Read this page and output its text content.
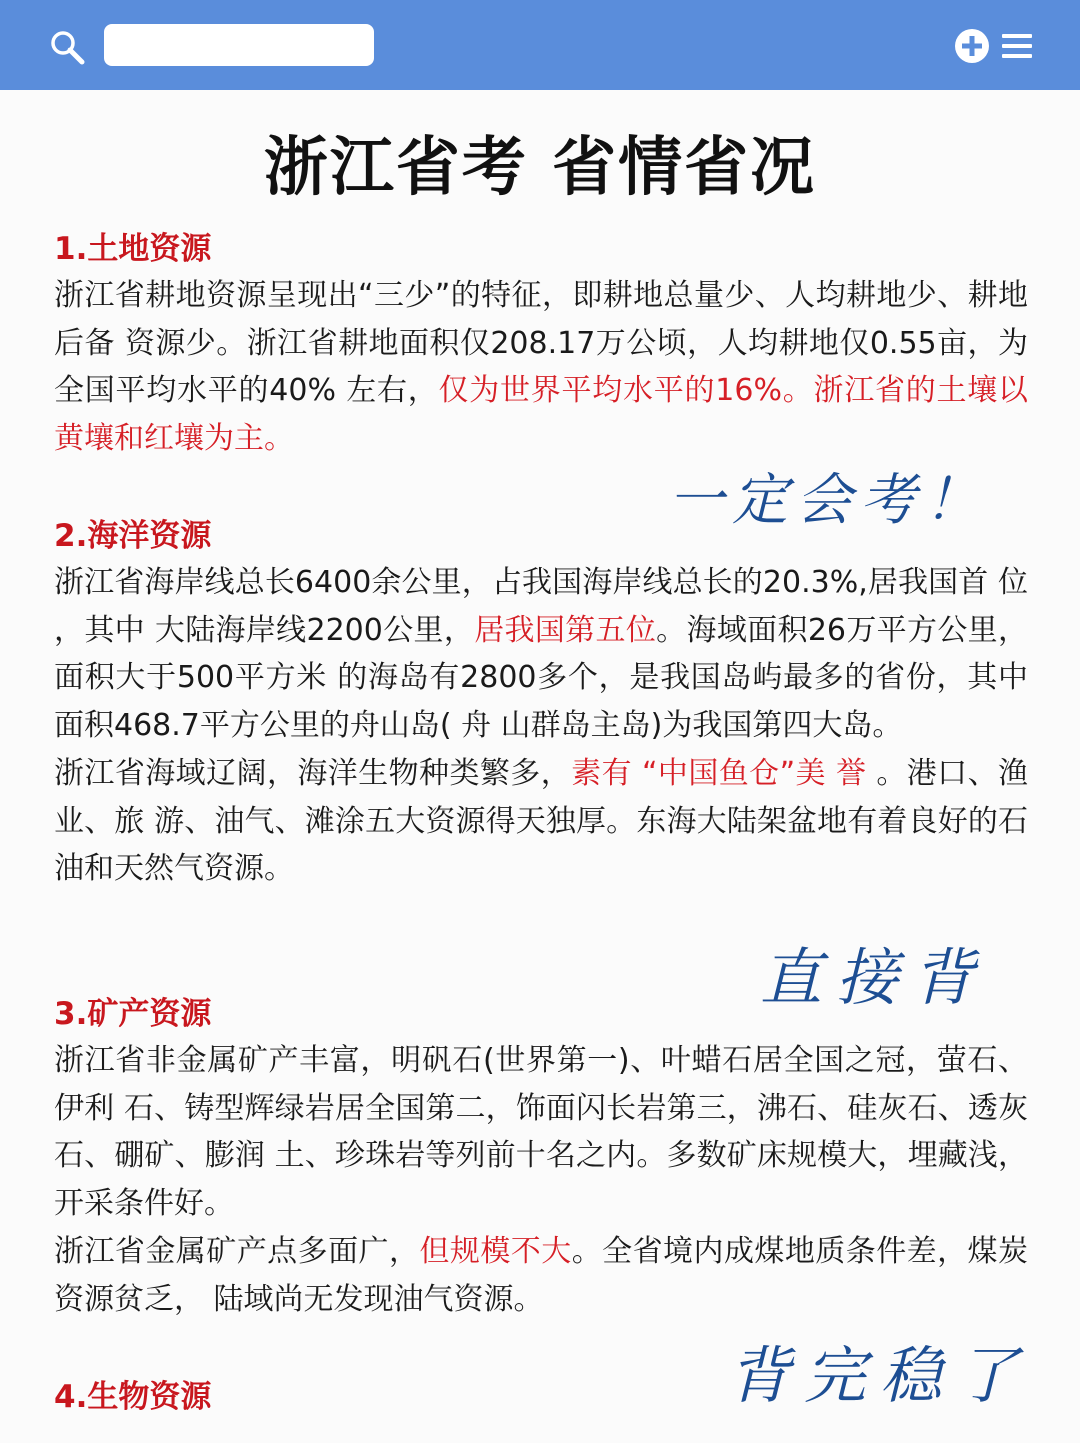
浙江省考 省情省况
1.土地资源

浙江省耕地资源呈现出“三少”的特征，即耕地总量少、人均耕地少、耕地后备 资源少。浙江省耕地面积仅208.17万公顷，人均耕地仅0.55亩，为全国平均水平的40% 左右，仅为世界平均水平的16%。浙江省的土壤以黄壤和红壤为主。

一定会考！
2.海洋资源

浙江省海岸线总长6400余公里，占我国海岸线总长的20.3%,居我国首 位 ，其中 大陆海岸线2200公里，居我国第五位。海域面积26万平方公里，面积大于500平方米 的海岛有2800多个，是我国岛屿最多的省份，其中面积468.7平方公里的舟山岛( 舟 山群岛主岛)为我国第四大岛。

浙江省海域辽阔，海洋生物种类繁多，素有 “中国鱼仓”美 誉 。港口、渔业、旅 游、油气、滩涂五大资源得天独厚。东海大陆架盆地有着良好的石油和天然气资源。

直接背
3.矿产资源

浙江省非金属矿产丰富，明矾石(世界第一)、叶蜡石居全国之冠，萤石、伊利 石、铸型辉绿岩居全国第二，饰面闪长岩第三，沸石、硅灰石、透灰石、硼矿、膨润 土、珍珠岩等列前十名之内。多数矿床规模大，埋藏浅，开采条件好。

浙江省金属矿产点多面广，但规模不大。全省境内成煤地质条件差，煤炭资源贫乏， 陆域尚无发现油气资源。

背完稳了
4.生物资源
